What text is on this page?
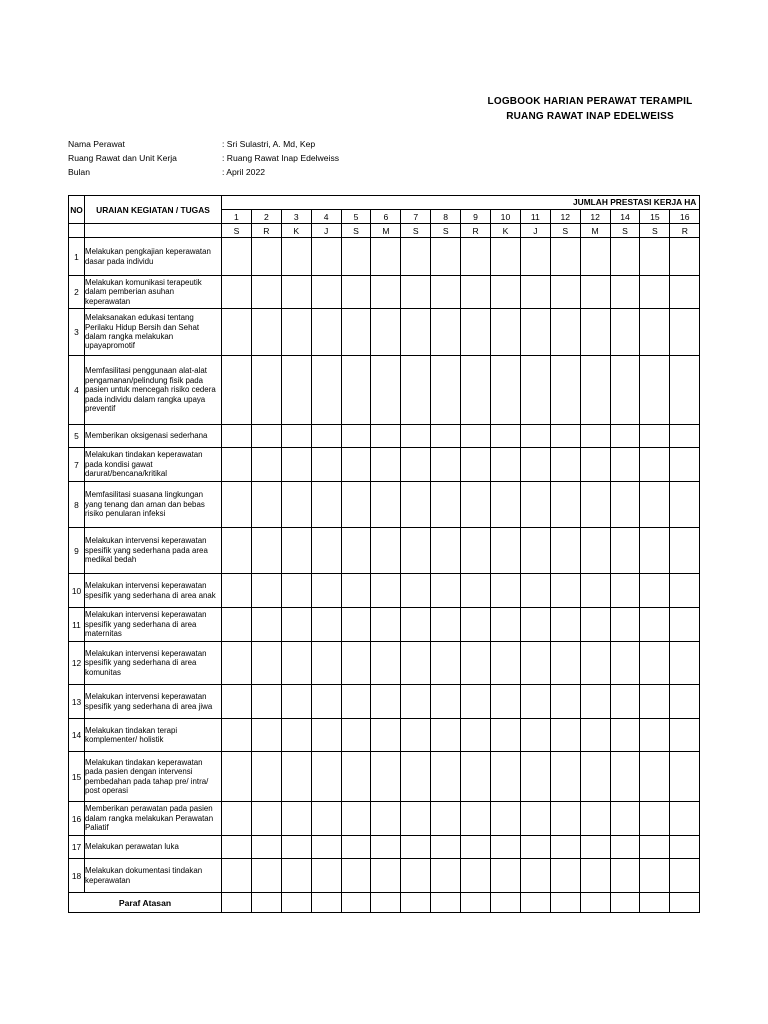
LOGBOOK HARIAN PERAWAT TERAMPIL
RUANG RAWAT INAP EDELWEISS
Nama Perawat	: Sri Sulastri, A. Md, Kep
Ruang Rawat dan Unit Kerja	: Ruang Rawat Inap Edelweiss
Bulan	: April 2022
NO	URAIAN KEGIATAN / TUGAS	JUMLAH PRESTASI KERJA HA															

		1	2	3	4	5	6	7	8	9	10	11	12	12	14	15	16
		S	R	K	J	S	M	S	S	R	K	J	S	M	S	S	R
1	Melakukan pengkajian keperawatan dasar pada individu																

2	Melakukan komunikasi terapeutik dalam pemberian asuhan keperawatan																

3	Melaksanakan edukasi tentang Perilaku Hidup Bersih dan Sehat dalam rangka melakukan upayapromotif																

4	Memfasilitasi penggunaan alat-alat pengamanan/pelindung fisik pada pasien untuk mencegah risiko cedera pada individu dalam rangka upaya preventif																

5	Memberikan oksigenasi sederhana																

7	Melakukan tindakan keperawatan pada kondisi gawat darurat/bencana/kritikal																

8	Memfasilitasi suasana lingkungan yang tenang dan aman dan bebas risiko penularan infeksi																

9	Melakukan intervensi keperawatan spesifik yang sederhana pada area medikal bedah																

10	Melakukan intervensi keperawatan spesifik yang sederhana di area anak																

11	Melakukan intervensi keperawatan spesifik yang sederhana di area maternitas																

12	Melakukan intervensi keperawatan spesifik yang sederhana di area komunitas																

13	Melakukan intervensi keperawatan spesifik yang sederhana di area jiwa																

14	Melakukan tindakan terapi komplementer/ holistik																

15	Melakukan tindakan keperawatan pada pasien dengan intervensi pembedahan pada tahap pre/ intra/ post operasi																

16	Memberikan perawatan pada pasien dalam rangka melakukan Perawatan Paliatif																

17	Melakukan perawatan luka																

18	Melakukan dokumentasi tindakan keperawatan																

Paraf Atasan																	
